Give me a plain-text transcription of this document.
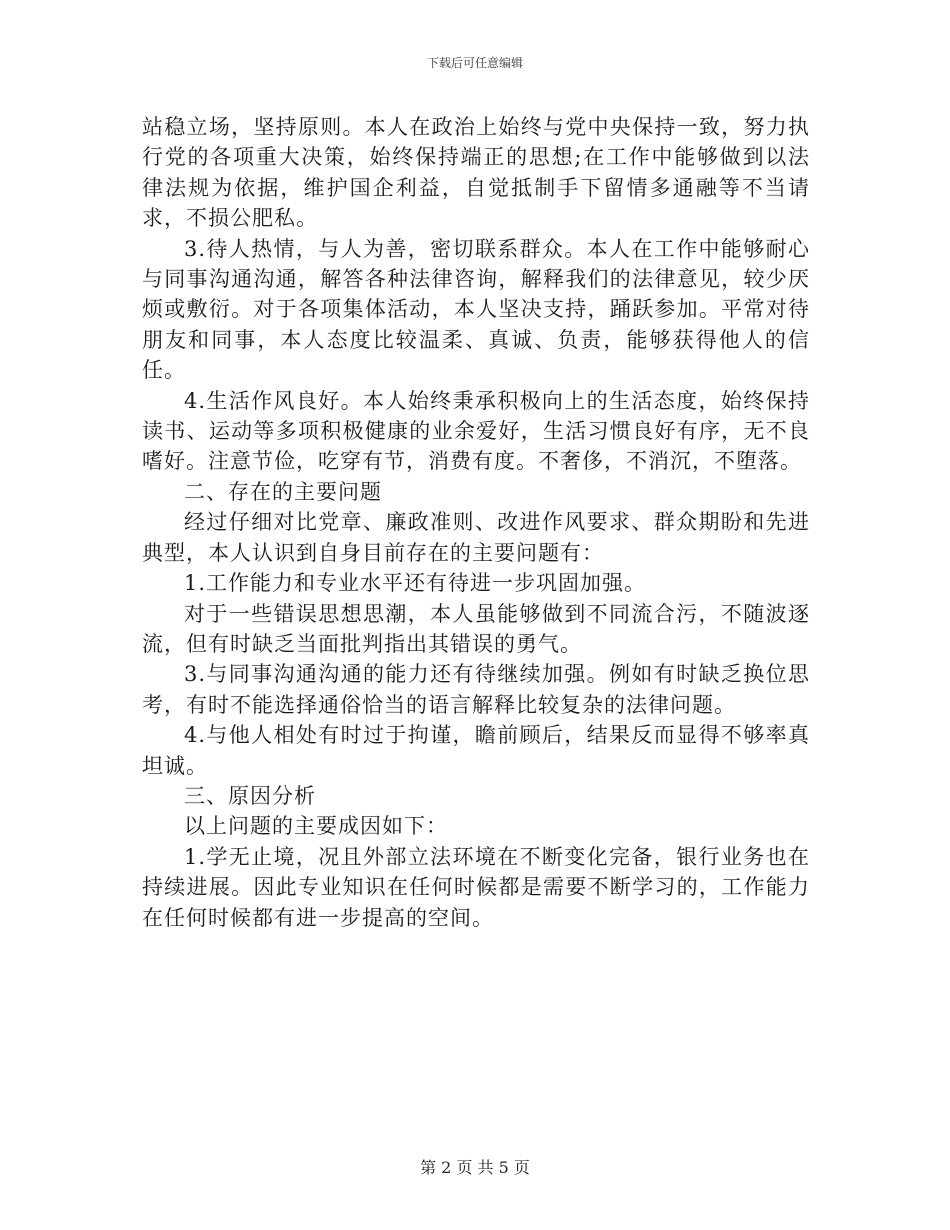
下载后可任意编辑

站稳立场，坚持原则。本人在政治上始终与党中央保持一致，努力执行党的各项重大决策，始终保持端正的思想;在工作中能够做到以法律法规为依据，维护国企利益，自觉抵制手下留情多通融等不当请求，不损公肥私。

3.待人热情，与人为善，密切联系群众。本人在工作中能够耐心与同事沟通沟通，解答各种法律咨询，解释我们的法律意见，较少厌烦或敷衍。对于各项集体活动，本人坚决支持，踊跃参加。平常对待朋友和同事，本人态度比较温柔、真诚、负责，能够获得他人的信任。

4.生活作风良好。本人始终秉承积极向上的生活态度，始终保持读书、运动等多项积极健康的业余爱好，生活习惯良好有序，无不良嗜好。注意节俭，吃穿有节，消费有度。不奢侈，不消沉，不堕落。

二、存在的主要问题

经过仔细对比党章、廉政准则、改进作风要求、群众期盼和先进典型，本人认识到自身目前存在的主要问题有：

1.工作能力和专业水平还有待进一步巩固加强。

对于一些错误思想思潮，本人虽能够做到不同流合污，不随波逐流，但有时缺乏当面批判指出其错误的勇气。

3.与同事沟通沟通的能力还有待继续加强。例如有时缺乏换位思考，有时不能选择通俗恰当的语言解释比较复杂的法律问题。

4.与他人相处有时过于拘谨，瞻前顾后，结果反而显得不够率真坦诚。

三、原因分析

以上问题的主要成因如下：

1.学无止境，况且外部立法环境在不断变化完备，银行业务也在持续进展。因此专业知识在任何时候都是需要不断学习的，工作能力在任何时候都有进一步提高的空间。

第 2 页 共 5 页
